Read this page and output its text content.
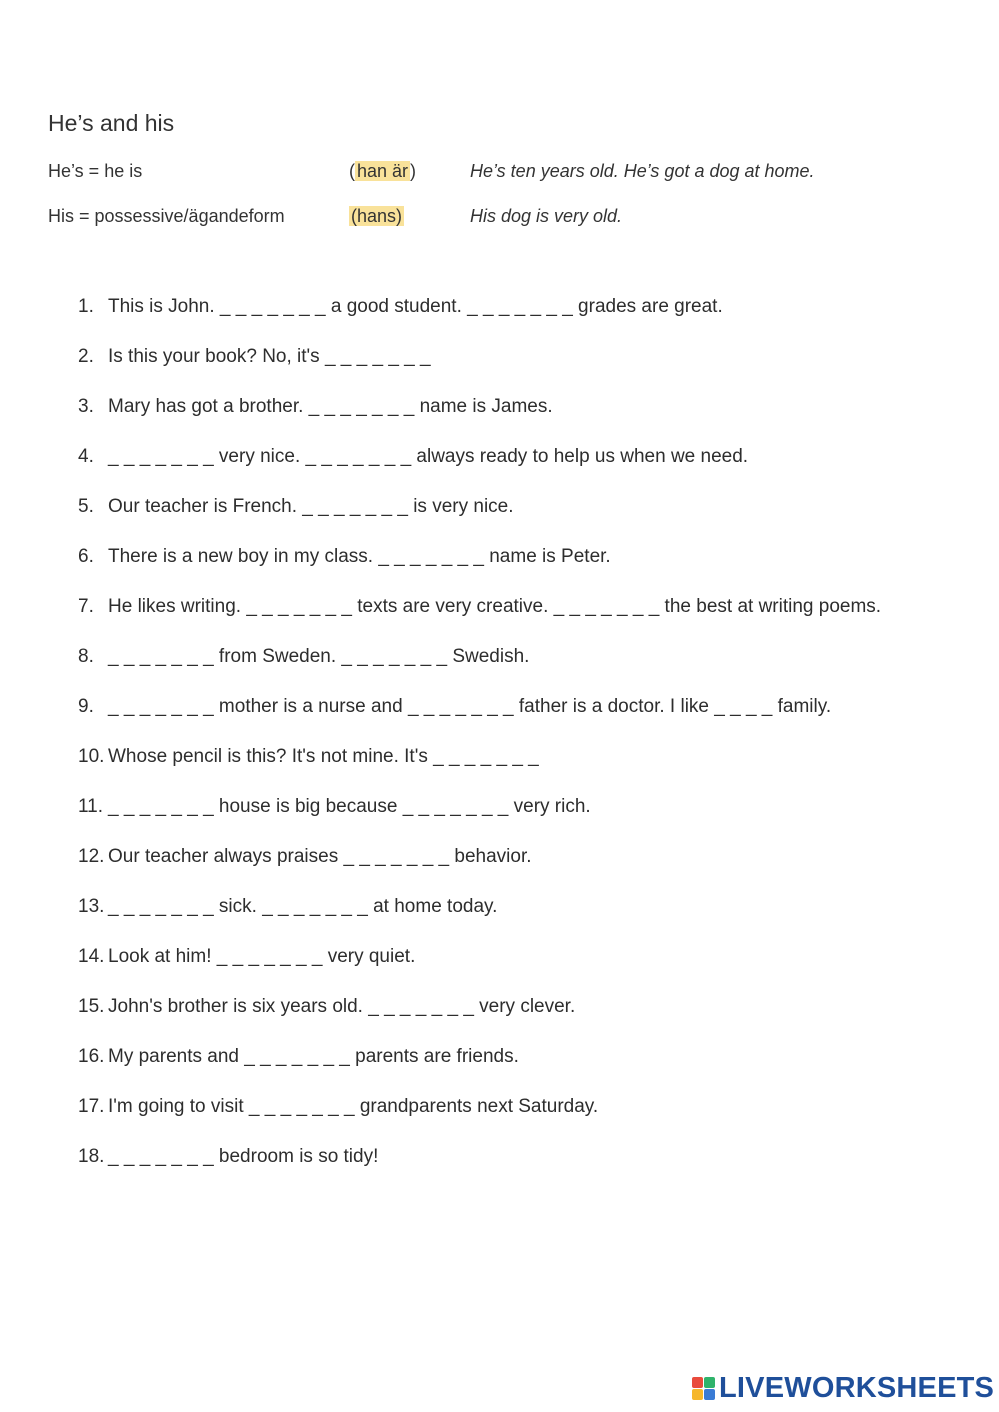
He’s and his
He’s = he is	( han är )	He’s ten years old. He’s got a dog at home.
His = possessive/ägandeform	(hans)	His dog is very old.
1. This is John. _ _ _ _ _ _ _ a good student. _ _ _ _ _ _ _ grades are great.
2. Is this your book? No, it's _ _ _ _ _ _ _
3. Mary has got a brother. _ _ _ _ _ _ _ name is James.
4. _ _ _ _ _ _ _ very nice. _ _ _ _ _ _ _ always ready to help us when we need.
5. Our teacher is French. _ _ _ _ _ _ _ is very nice.
6. There is a new boy in my class. _ _ _ _ _ _ _ name is Peter.
7. He likes writing. _ _ _ _ _ _ _ texts are very creative. _ _ _ _ _ _ _ the best at writing poems.
8. _ _ _ _ _ _ _ from Sweden. _ _ _ _ _ _ _ Swedish.
9. _ _ _ _ _ _ _ mother is a nurse and _ _ _ _ _ _ _ father is a doctor. I like _ _ _ _ family.
10. Whose pencil is this? It's not mine. It's _ _ _ _ _ _ _
11. _ _ _ _ _ _ _ house is big because _ _ _ _ _ _ _ very rich.
12. Our teacher always praises _ _ _ _ _ _ _ behavior.
13. _ _ _ _ _ _ _ sick. _ _ _ _ _ _ _ at home today.
14. Look at him! _ _ _ _ _ _ _ very quiet.
15. John's brother is six years old. _ _ _ _ _ _ _ very clever.
16. My parents and _ _ _ _ _ _ _ parents are friends.
17. I'm going to visit _ _ _ _ _ _ _ grandparents next Saturday.
18. _ _ _ _ _ _ _ bedroom is so tidy!
LIVEWORKSHEETS
